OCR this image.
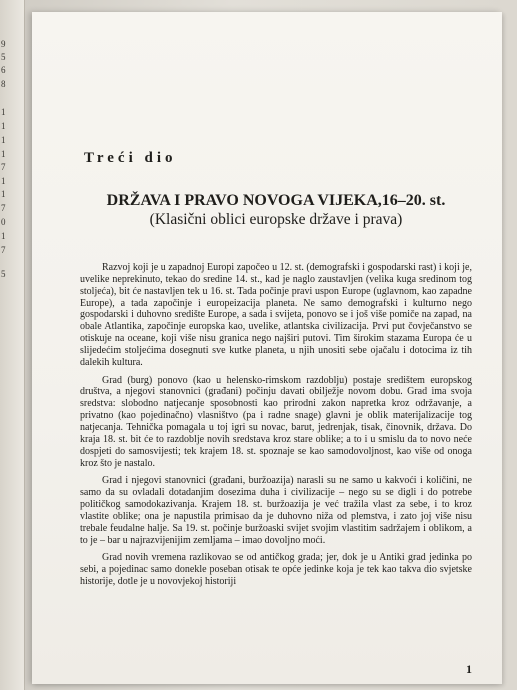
9
5
6
8
1
1
1
1
7
1
1
7
0
1
7
5
Treći dio
DRŽAVA I PRAVO NOVOGA VIJEKA,16–20. st.
(Klasični oblici europske države i prava)

Razvoj koji je u zapadnoj Europi započeo u 12. st. (demografski i gospodarski rast) i koji je, uvelike neprekinuto, tekao do sredine 14. st., kad je naglo zaustavljen (velika kuga sredinom tog stoljeća), bit će nastavljen tek u 16. st. Tada počinje pravi uspon Europe (uglavnom, kao zapadne Europe), a tada započinje i europeizacija planeta. Ne samo demografski i kulturno nego gospodarski i duhovno središte Europe, a sada i svijeta, ponovo se i još više pomiče na zapad, na obale Atlantika, započinje europska kao, uvelike, atlantska civilizacija. Prvi put čovječanstvo se otiskuje na oceane, koji više nisu granica nego najširi putovi. Tim širokim stazama Europa će u slijedećim stoljećima dosegnuti sve kutke planeta, u njih unositi sebe ojačalu i dotocima iz tih dalekih kultura.

Grad (burg) ponovo (kao u helensko-rimskom razdoblju) postaje središtem europskog društva, a njegovi stanovnici (građani) počinju davati obilježje novom dobu. Grad ima svoja sredstva: slobodno natjecanje sposobnosti kao prirodni zakon napretka kroz održavanje, a privatno (kao pojedinačno) vlasništvo (pa i radne snage) glavni je oblik materijalizacije tog natjecanja. Tehnička pomagala u toj igri su novac, barut, jedrenjak, tisak, činovnik, država. Do kraja 18. st. bit će to razdoblje novih sredstava kroz stare oblike; a to i u smislu da to novo neće dospjeti do samosvijesti; tek krajem 18. st. spoznaje se kao samodovoljnost, kao više od onoga kroz što je nastalo.

Grad i njegovi stanovnici (građani, buržoazija) narasli su ne samo u kakvoći i količini, ne samo da su ovladali dotadanjim dosezima duha i civilizacije – nego su se digli i do potrebe političkog samodokazivanja. Krajem 18. st. buržoazija je već tražila vlast za sebe, i to kroz vlastite oblike; ona je napustila primisao da je duhovno niža od plemstva, i zato joj više nisu trebale feudalne halje. Sa 19. st. počinje buržoaski svijet svojim vlastitim sadržajem i oblikom, a to je – bar u najrazvijenijim zemljama – imao dovoljno moći.

Grad novih vremena razlikovao se od antičkog grada; jer, dok je u Antiki grad jedinka po sebi, a pojedinac samo donekle poseban otisak te opće jedinke koja je tek kao takva dio svjetske historije, dotle je u novovjekoj historiji

1
